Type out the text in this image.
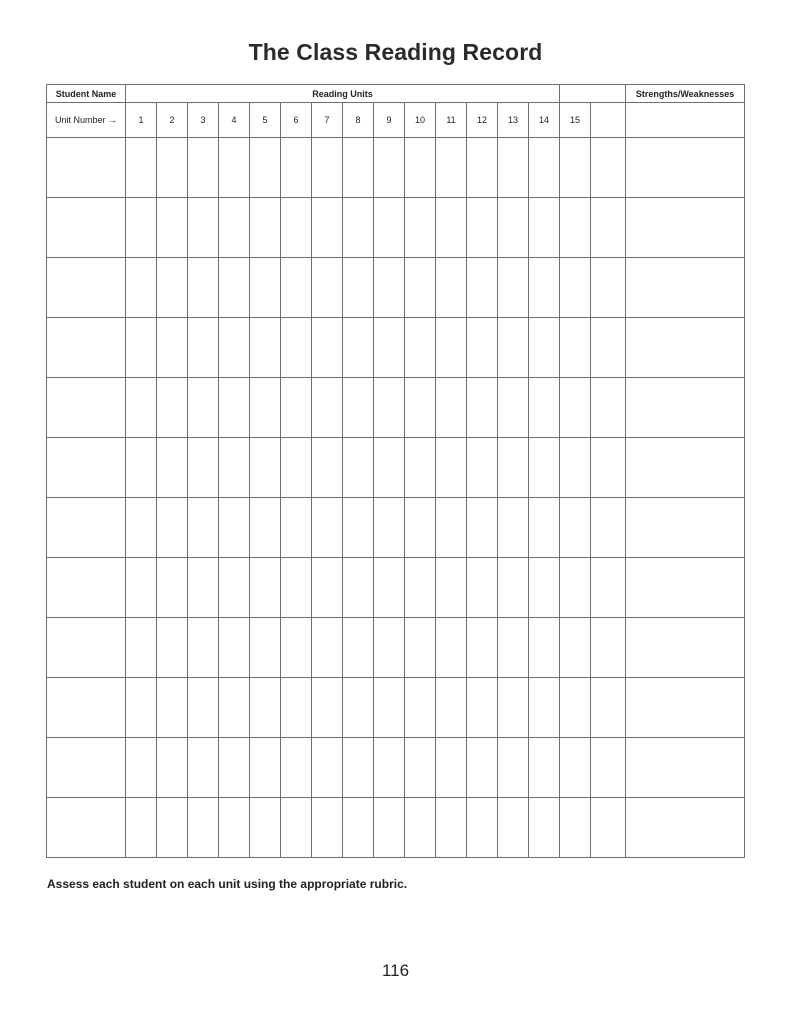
The Class Reading Record
Student Name	Reading Units																Strengths/Weaknesses
Unit Number →	1	2	3	4	5	6	7	8	9	10	11	12	13	14	15		

Assess each student on each unit using the appropriate rubric.
116
